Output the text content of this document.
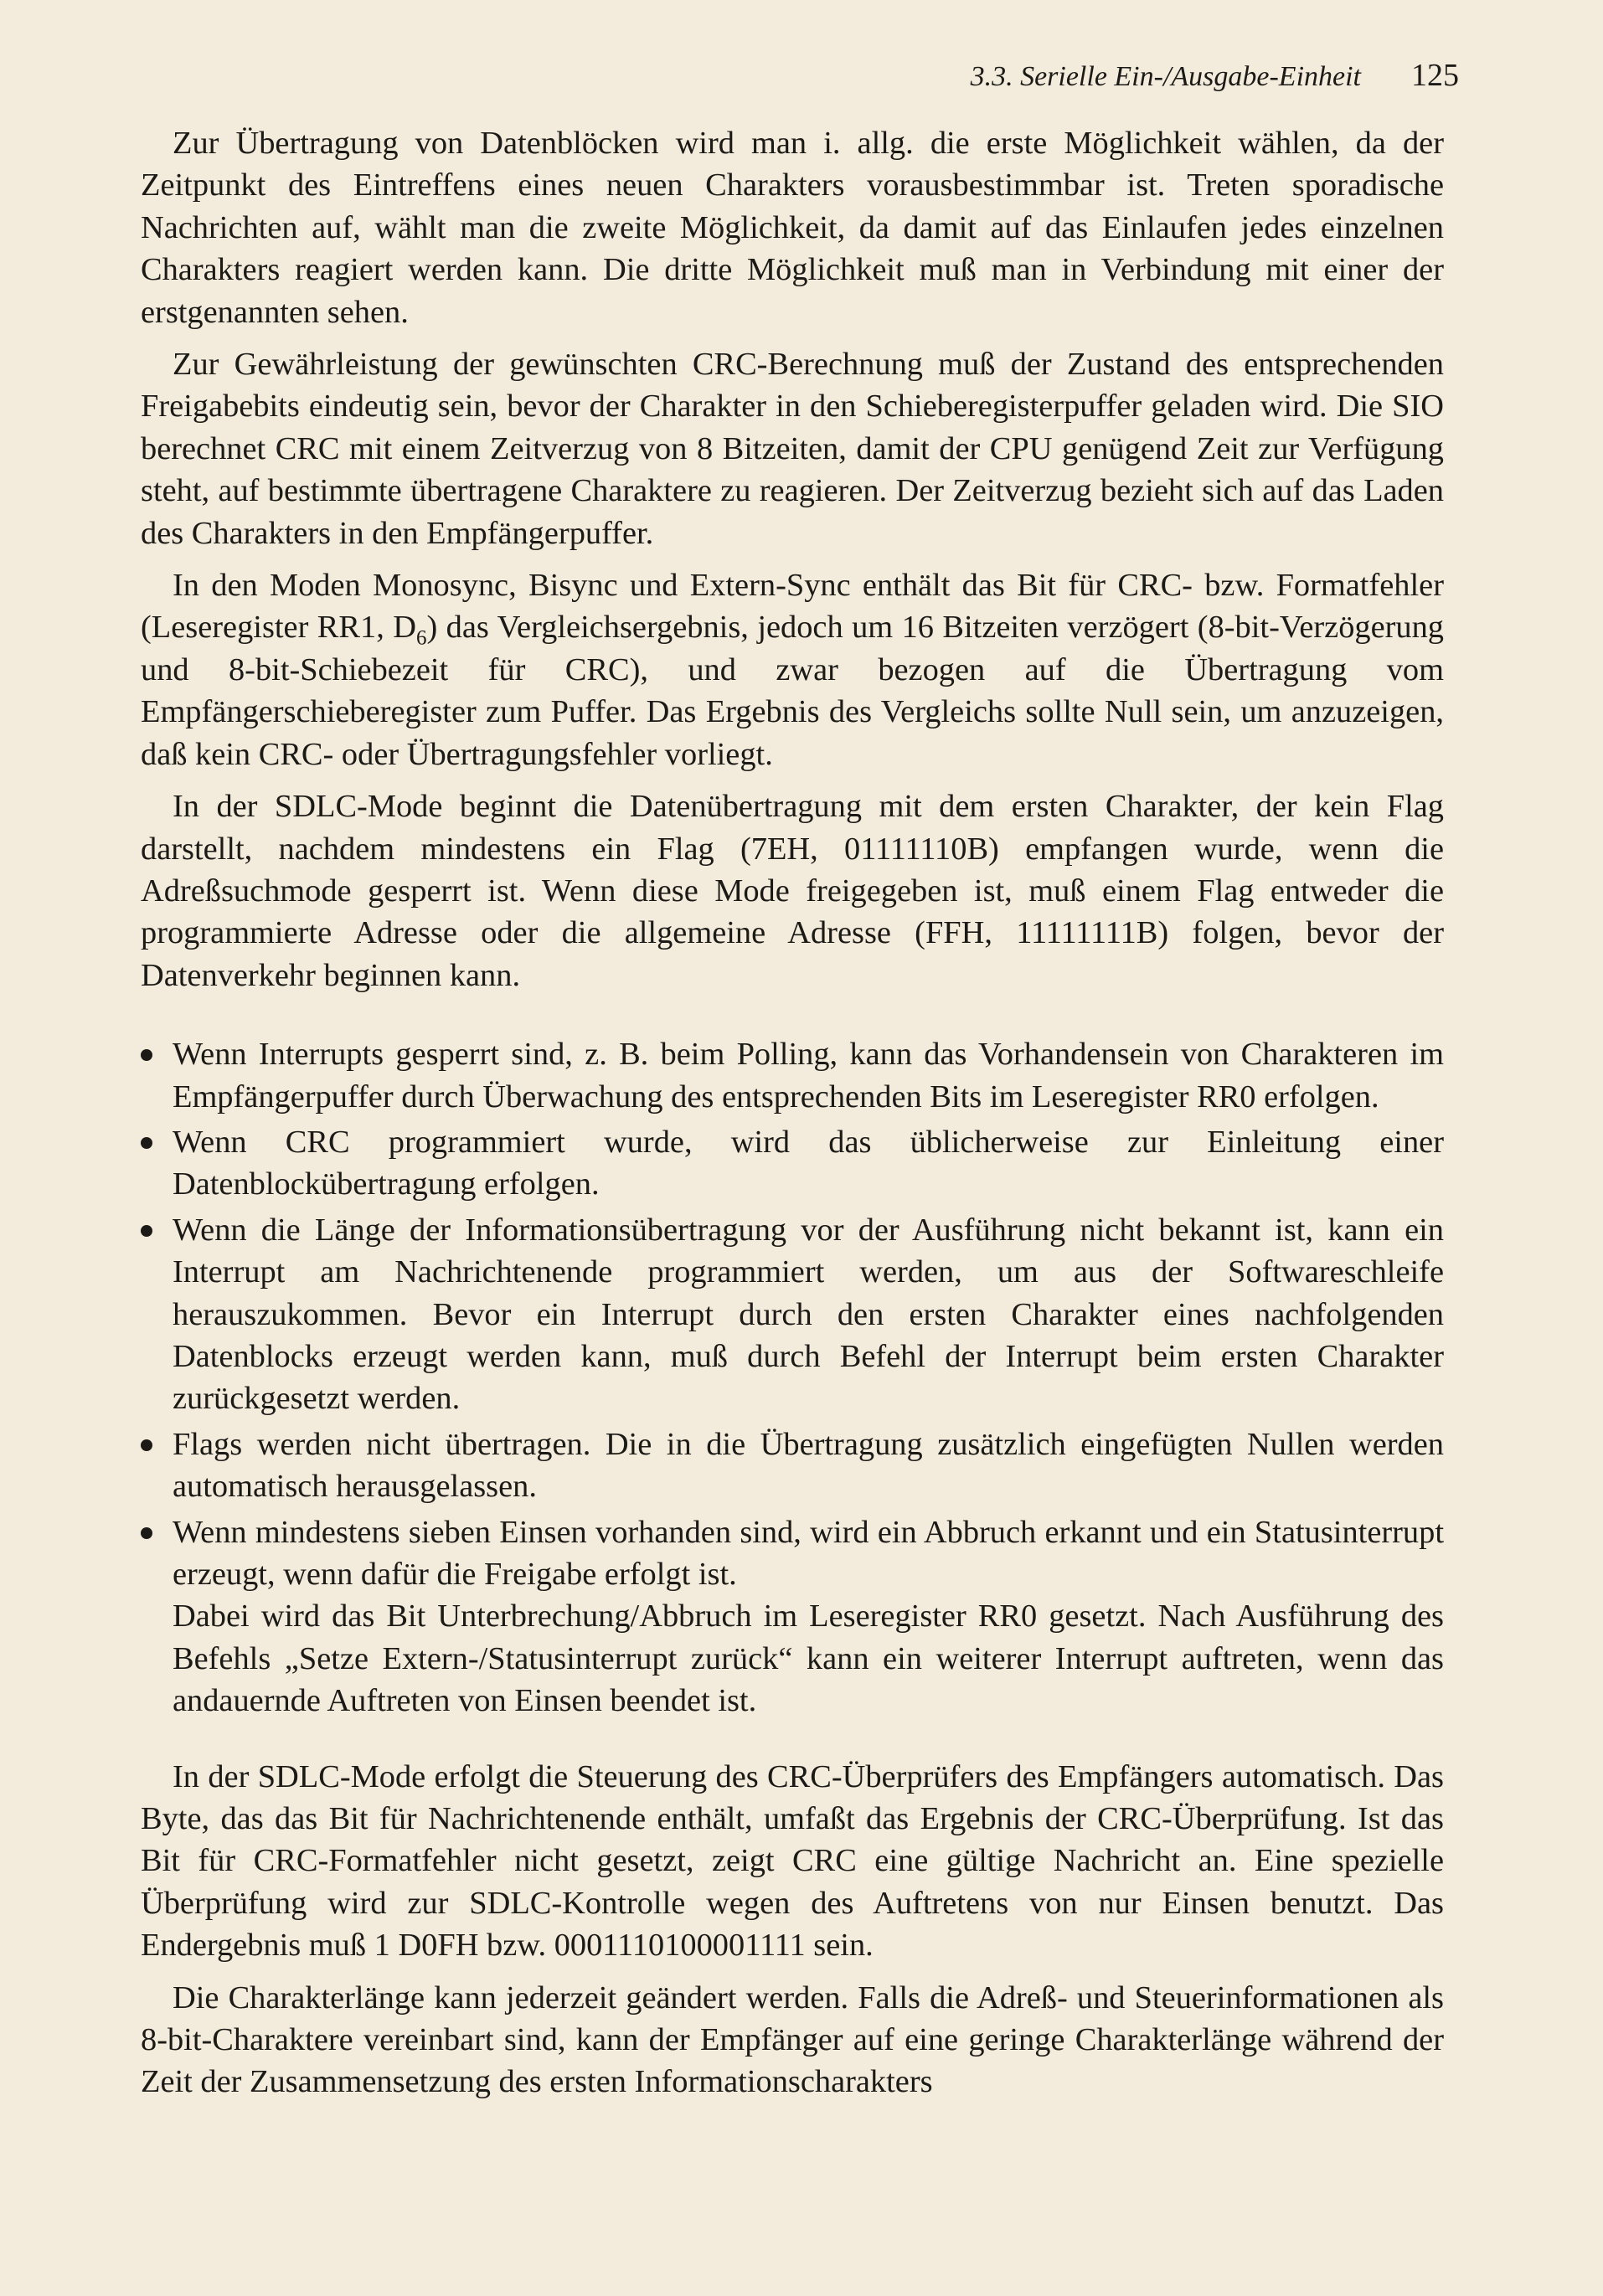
3.3. Serielle Ein-/Ausgabe-Einheit 125

Zur Übertragung von Datenblöcken wird man i. allg. die erste Möglichkeit wählen, da der Zeitpunkt des Eintreffens eines neuen Charakters vorausbestimmbar ist. Treten sporadische Nachrichten auf, wählt man die zweite Möglichkeit, da damit auf das Einlaufen jedes einzelnen Charakters reagiert werden kann. Die dritte Möglichkeit muß man in Verbindung mit einer der erstgenannten sehen.

Zur Gewährleistung der gewünschten CRC-Berechnung muß der Zustand des entsprechenden Freigabebits eindeutig sein, bevor der Charakter in den Schieberegisterpuffer geladen wird. Die SIO berechnet CRC mit einem Zeitverzug von 8 Bitzeiten, damit der CPU genügend Zeit zur Verfügung steht, auf bestimmte übertragene Charaktere zu reagieren. Der Zeitverzug bezieht sich auf das Laden des Charakters in den Empfängerpuffer.

In den Moden Monosync, Bisync und Extern-Sync enthält das Bit für CRC- bzw. Formatfehler (Leseregister RR1, $D_6$) das Vergleichsergebnis, jedoch um 16 Bitzeiten verzögert (8-bit-Verzögerung und 8-bit-Schiebezeit für CRC), und zwar bezogen auf die Übertragung vom Empfängerschieberegister zum Puffer. Das Ergebnis des Vergleichs sollte Null sein, um anzuzeigen, daß kein CRC- oder Übertragungsfehler vorliegt.

In der SDLC-Mode beginnt die Datenübertragung mit dem ersten Charakter, der kein Flag darstellt, nachdem mindestens ein Flag (7EH, 01111110B) empfangen wurde, wenn die Adreßsuchmode gesperrt ist. Wenn diese Mode freigegeben ist, muß einem Flag entweder die programmierte Adresse oder die allgemeine Adresse (FFH, 11111111B) folgen, bevor der Datenverkehr beginnen kann.

Wenn Interrupts gesperrt sind, z. B. beim Polling, kann das Vorhandensein von Charakteren im Empfängerpuffer durch Überwachung des entsprechenden Bits im Leseregister RR0 erfolgen.
Wenn CRC programmiert wurde, wird das üblicherweise zur Einleitung einer Datenblockübertragung erfolgen.
Wenn die Länge der Informationsübertragung vor der Ausführung nicht bekannt ist, kann ein Interrupt am Nachrichtenende programmiert werden, um aus der Softwareschleife herauszukommen. Bevor ein Interrupt durch den ersten Charakter eines nachfolgenden Datenblocks erzeugt werden kann, muß durch Befehl der Interrupt beim ersten Charakter zurückgesetzt werden.
Flags werden nicht übertragen. Die in die Übertragung zusätzlich eingefügten Nullen werden automatisch herausgelassen.
Wenn mindestens sieben Einsen vorhanden sind, wird ein Abbruch erkannt und ein Statusinterrupt erzeugt, wenn dafür die Freigabe erfolgt ist.
Dabei wird das Bit Unterbrechung/Abbruch im Leseregister RR0 gesetzt. Nach Ausführung des Befehls „Setze Extern-/Statusinterrupt zurück“ kann ein weiterer Interrupt auftreten, wenn das andauernde Auftreten von Einsen beendet ist.

In der SDLC-Mode erfolgt die Steuerung des CRC-Überprüfers des Empfängers automatisch. Das Byte, das das Bit für Nachrichtenende enthält, umfaßt das Ergebnis der CRC-Überprüfung. Ist das Bit für CRC-Formatfehler nicht gesetzt, zeigt CRC eine gültige Nachricht an. Eine spezielle Überprüfung wird zur SDLC-Kontrolle wegen des Auftretens von nur Einsen benutzt. Das Endergebnis muß 1 D0FH bzw. 0001110100001111 sein.

Die Charakterlänge kann jederzeit geändert werden. Falls die Adreß- und Steuerinformationen als 8-bit-Charaktere vereinbart sind, kann der Empfänger auf eine geringe Charakterlänge während der Zeit der Zusammensetzung des ersten Informationscharakters
